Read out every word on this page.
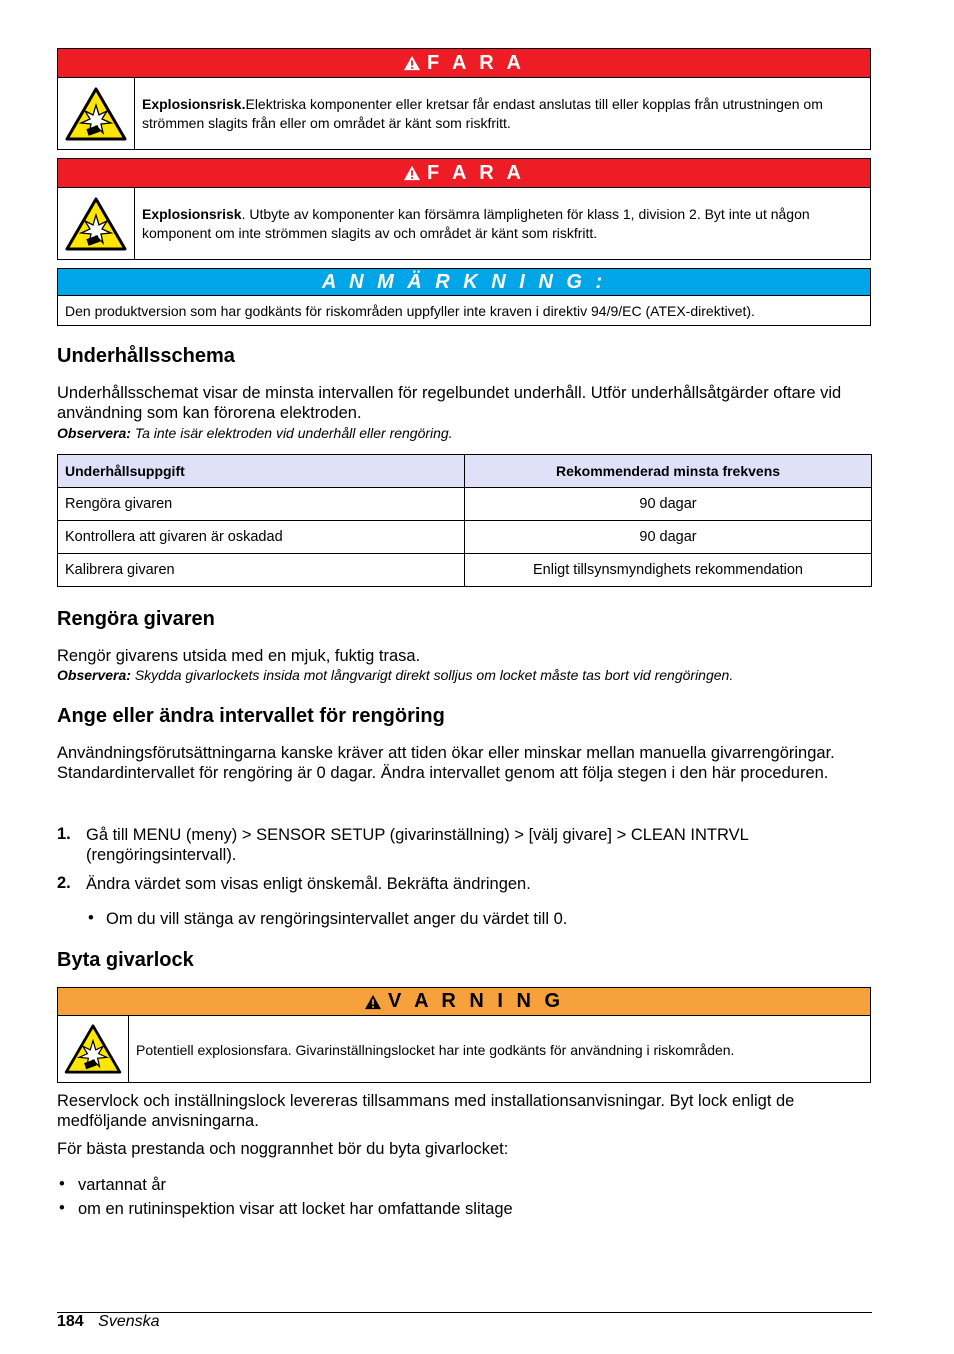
F A R A
Explosionsrisk.Elektriska komponenter eller kretsar får endast anslutas till eller kopplas från utrustningen om strömmen slagits från eller om området är känt som riskfritt.
F A R A
Explosionsrisk. Utbyte av komponenter kan försämra lämpligheten för klass 1, division 2. Byt inte ut någon komponent om inte strömmen slagits av och området är känt som riskfritt.
A N M Ä R K N I N G :
Den produktversion som har godkänts för riskområden uppfyller inte kraven i direktiv 94/9/EC (ATEX-direktivet).
Underhållsschema

Underhållsschemat visar de minsta intervallen för regelbundet underhåll. Utför underhållsåtgärder oftare vid användning som kan förorena elektroden.

Observera: Ta inte isär elektroden vid underhåll eller rengöring.
Underhållsuppgift	Rekommenderad minsta frekvens
Rengöra givaren	90 dagar
Kontrollera att givaren är oskadad	90 dagar
Kalibrera givaren	Enligt tillsynsmyndighets rekommendation
Rengöra givaren

Rengör givarens utsida med en mjuk, fuktig trasa.

Observera: Skydda givarlockets insida mot långvarigt direkt solljus om locket måste tas bort vid rengöringen.
Ange eller ändra intervallet för rengöring

Användningsförutsättningarna kanske kräver att tiden ökar eller minskar mellan manuella givarrengöringar. Standardintervallet för rengöring är 0 dagar. Ändra intervallet genom att följa stegen i den här proceduren.

1. Gå till MENU (meny) > SENSOR SETUP (givarinställning) > [välj givare] > CLEAN INTRVL (rengöringsintervall).

2. Ändra värdet som visas enligt önskemål. Bekräfta ändringen.

• Om du vill stänga av rengöringsintervallet anger du värdet till 0.

Byta givarlock
V A R N I N G
Potentiell explosionsfara. Givarinställningslocket har inte godkänts för användning i riskområden.

Reservlock och inställningslock levereras tillsammans med installationsanvisningar. Byt lock enligt de medföljande anvisningarna.

För bästa prestanda och noggrannhet bör du byta givarlocket:

• vartannat år

• om en rutininspektion visar att locket har omfattande slitage

184 Svenska
